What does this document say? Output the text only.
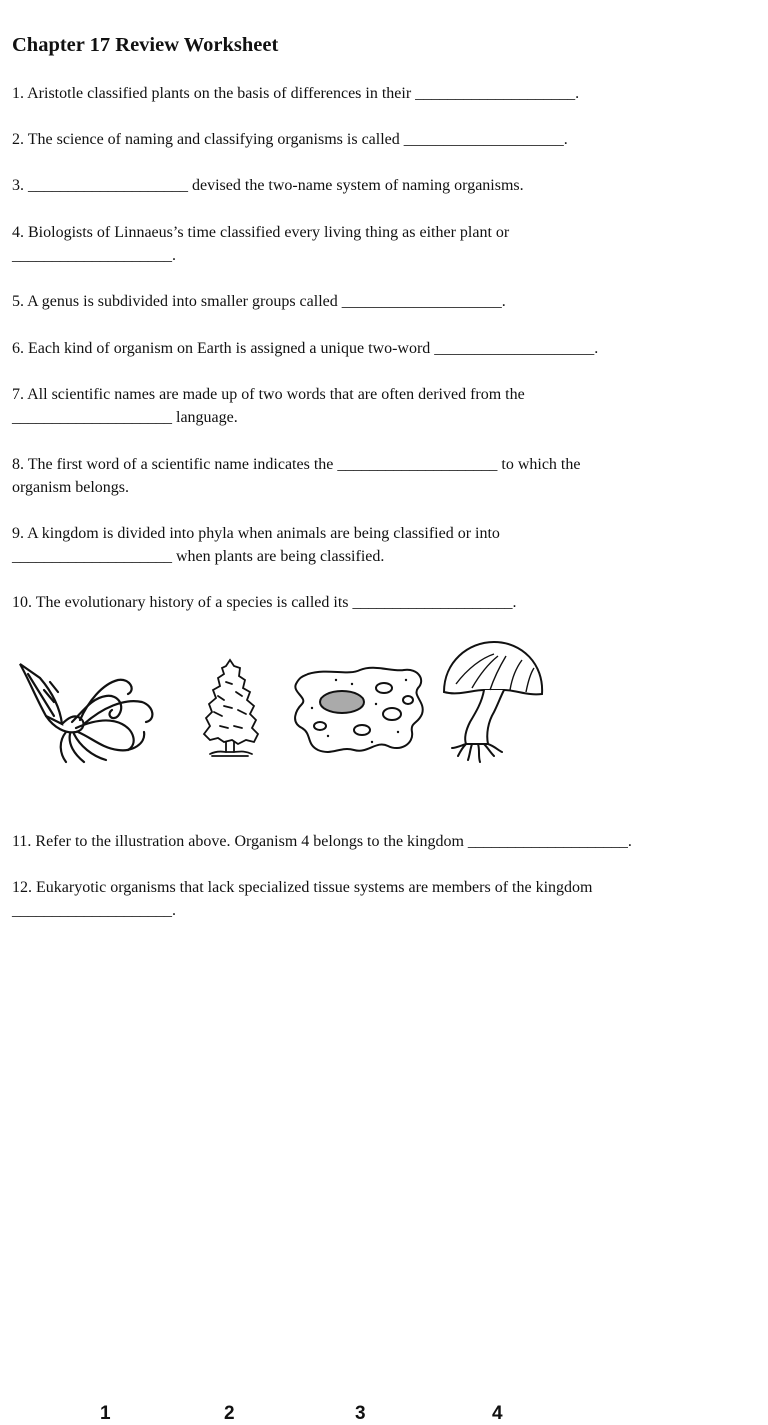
Chapter 17 Review Worksheet

1. Aristotle classified plants on the basis of differences in their ____________________.

2. The science of naming and classifying organisms is called ____________________.

3. ____________________ devised the two-name system of naming organisms.

4. Biologists of Linnaeus’s time classified every living thing as either plant or
____________________.

5. A genus is subdivided into smaller groups called ____________________.

6. Each kind of organism on Earth is assigned a unique two-word ____________________.

7. All scientific names are made up of two words that are often derived from the
____________________ language.

8. The first word of a scientific name indicates the ____________________ to which the
organism belongs.

9. A kingdom is divided into phyla when animals are being classified or into
____________________ when plants are being classified.

10. The evolutionary history of a species is called its ____________________.

1	2	3	4

11. Refer to the illustration above. Organism 4 belongs to the kingdom ____________________.

12. Eukaryotic organisms that lack specialized tissue systems are members of the kingdom
____________________.
